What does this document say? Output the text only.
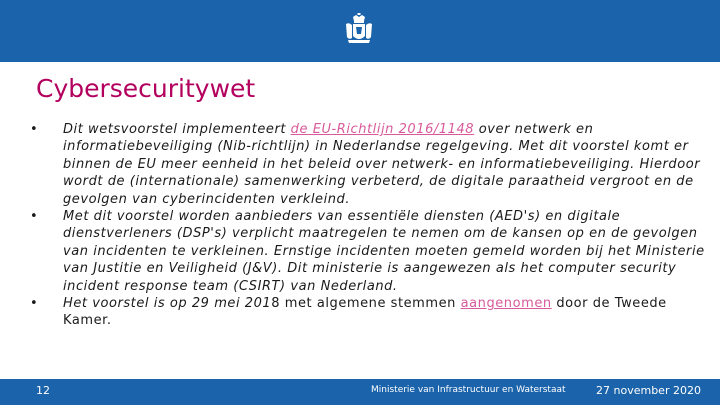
Cybersecuritywet
• Dit wetsvoorstel implementeert de EU-Richtlijn 2016/1148 over netwerk en informatiebeveiliging (Nib-richtlijn) in Nederlandse regelgeving. Met dit voorstel komt er binnen de EU meer eenheid in het beleid over netwerk- en informatiebeveiliging. Hierdoor wordt de (internationale) samenwerking verbeterd, de digitale paraatheid vergroot en de gevolgen van cyberincidenten verkleind.
• Met dit voorstel worden aanbieders van essentiële diensten (AED's) en digitale dienstverleners (DSP's) verplicht maatregelen te nemen om de kansen op en de gevolgen van incidenten te verkleinen. Ernstige incidenten moeten gemeld worden bij het Ministerie van Justitie en Veiligheid (J&V). Dit ministerie is aangewezen als het computer security incident response team (CSIRT) van Nederland.
• Het voorstel is op 29 mei 2018 met algemene stemmen aangenomen door de Tweede Kamer.
12	Ministerie van Infrastructuur en Waterstaat	27 november 2020
